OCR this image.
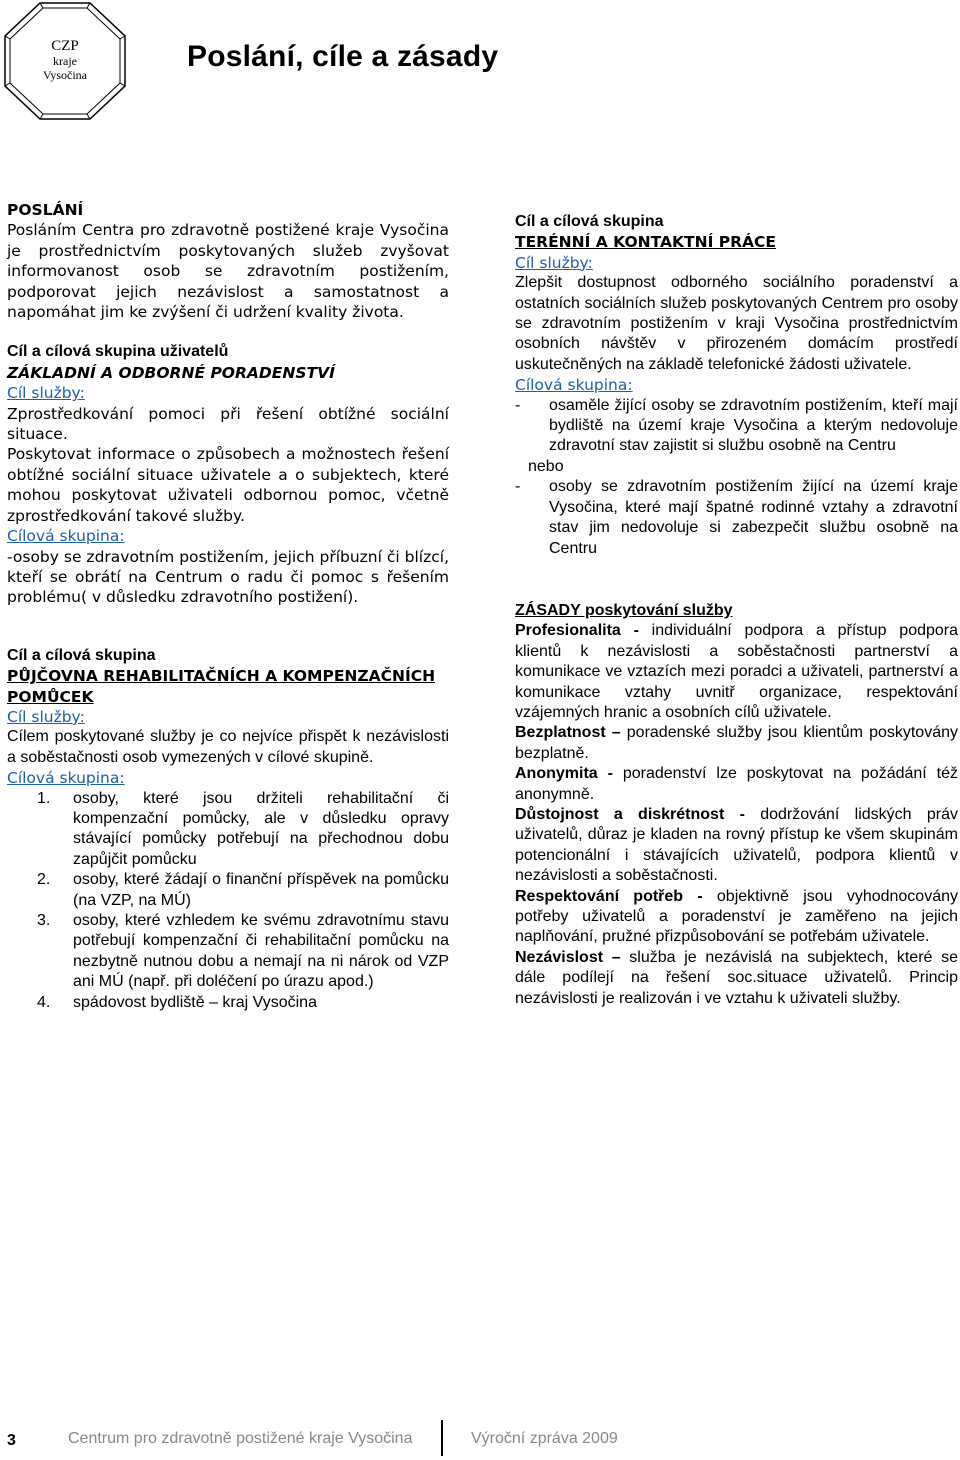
CZP
kraje
Vysočina
Poslání, cíle a zásady

POSLÁNÍ

Posláním Centra pro zdravotně postižené kraje Vysočina je prostřednictvím poskytovaných služeb zvyšovat informovanost osob se zdravotním postižením, podporovat jejich nezávislost a samostatnost a napomáhat jim ke zvýšení či udržení kvality života.

Cíl a cílová skupina uživatelů

ZÁKLADNÍ A ODBORNÉ PORADENSTVÍ

Cíl služby:

Zprostředkování pomoci při řešení obtížné sociální situace.

Poskytovat informace o způsobech a možnostech řešení obtížné sociální situace uživatele a o subjektech, které mohou poskytovat uživateli odbornou pomoc, včetně zprostředkování takové služby.

Cílová skupina:

-osoby se zdravotním postižením, jejich příbuzní či blízcí, kteří se obrátí na Centrum o radu či pomoc s řešením problému( v důsledku zdravotního postižení).

Cíl a cílová skupina

PŮJČOVNA REHABILITAČNÍCH A KOMPENZAČNÍCH POMŮCEK

Cíl služby:

Cílem poskytované služby je co nejvíce přispět k nezávislosti a soběstačnosti osob vymezených v cílové skupině.

Cílová skupina:

1. osoby, které jsou držiteli rehabilitační či kompenzační pomůcky, ale v důsledku opravy stávající pomůcky potřebují na přechodnou dobu zapůjčit pomůcku
2. osoby, které žádají o finanční příspěvek na pomůcku (na VZP, na MÚ)
3. osoby, které vzhledem ke svému zdravotnímu stavu potřebují kompenzační či rehabilitační pomůcku na nezbytně nutnou dobu a nemají na ni nárok od VZP ani MÚ (např. při doléčení po úrazu apod.)
4. spádovost bydliště – kraj Vysočina

Cíl a cílová skupina

TERÉNNÍ A KONTAKTNÍ PRÁCE

Cíl služby:

Zlepšit dostupnost odborného sociálního poradenství a ostatních sociálních služeb poskytovaných Centrem pro osoby se zdravotním postižením v kraji Vysočina prostřednictvím osobních návštěv v přirozeném domácím prostředí uskutečněných na základě telefonické žádosti uživatele.

Cílová skupina:

- osaměle žijící osoby se zdravotním postižením, kteří mají bydliště na území kraje Vysočina a kterým nedovoluje zdravotní stav zajistit si službu osobně na Centru

nebo

- osoby se zdravotním postižením žijící na území kraje Vysočina, které mají špatné rodinné vztahy a zdravotní stav jim nedovoluje si zabezpečit službu osobně na Centru

ZÁSADY poskytování služby

Profesionalita - individuální podpora a přístup podpora klientů k nezávislosti a soběstačnosti partnerství a komunikace ve vztazích mezi poradci a uživateli, partnerství a komunikace vztahy uvnitř organizace, respektování vzájemných hranic a osobních cílů uživatele.

Bezplatnost – poradenské služby jsou klientům poskytovány bezplatně.

Anonymita - poradenství lze poskytovat na požádání též anonymně.

Důstojnost a diskrétnost - dodržování lidských práv uživatelů, důraz je kladen na rovný přístup ke všem skupinám potencionální i stávajících uživatelů, podpora klientů v nezávislosti a soběstačnosti.

Respektování potřeb - objektivně jsou vyhodnocovány potřeby uživatelů a poradenství je zaměřeno na jejich naplňování, pružné přizpůsobování se potřebám uživatele.

Nezávislost – služba je nezávislá na subjektech, které se dále podílejí na řešení soc.situace uživatelů. Princip nezávislosti je realizován i ve vztahu k uživateli služby.

3	Centrum pro zdravotně postižené kraje Vysočina	Výroční zpráva 2009
